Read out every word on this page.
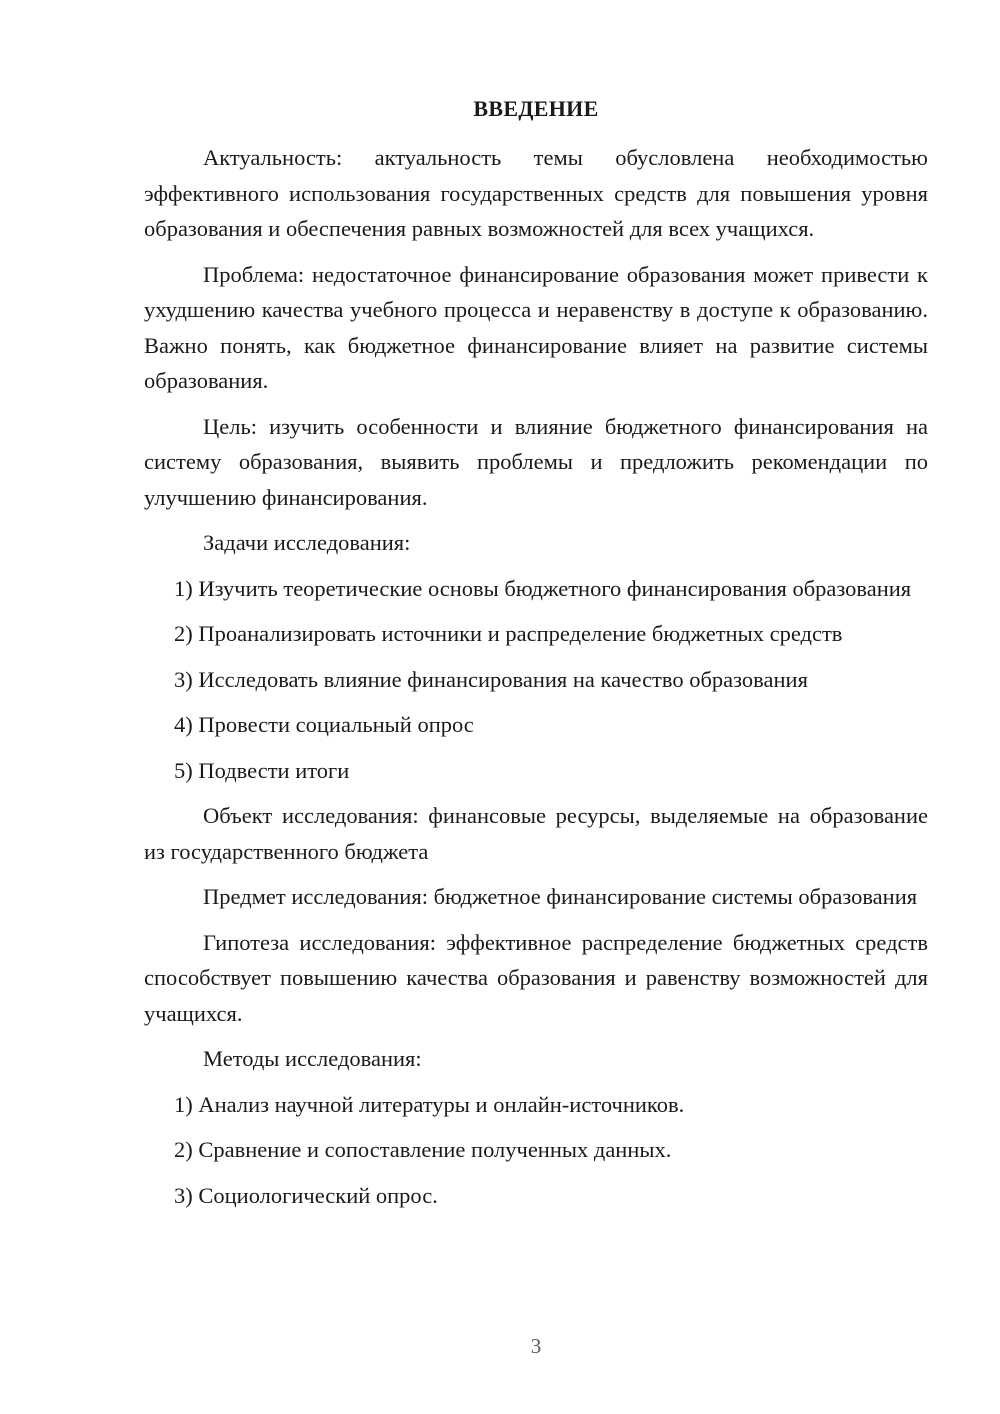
ВВЕДЕНИЕ

Актуальность: актуальность темы обусловлена необходимостью эффективного использования государственных средств для повышения уровня образования и обеспечения равных возможностей для всех учащихся.

Проблема: недостаточное финансирование образования может привести к ухудшению качества учебного процесса и неравенству в доступе к образованию. Важно понять, как бюджетное финансирование влияет на развитие системы образования.

Цель: изучить особенности и влияние бюджетного финансирования на систему образования, выявить проблемы и предложить рекомендации по улучшению финансирования.

Задачи исследования:

1) Изучить теоретические основы бюджетного финансирования образования

2) Проанализировать источники и распределение бюджетных средств

3) Исследовать влияние финансирования на качество образования

4) Провести социальный опрос

5) Подвести итоги

Объект исследования: финансовые ресурсы, выделяемые на образование из государственного бюджета

Предмет исследования: бюджетное финансирование системы образования

Гипотеза исследования: эффективное распределение бюджетных средств способствует повышению качества образования и равенству возможностей для учащихся.

Методы исследования:

1) Анализ научной литературы и онлайн-источников.

2) Сравнение и сопоставление полученных данных.

3) Социологический опрос.

3
